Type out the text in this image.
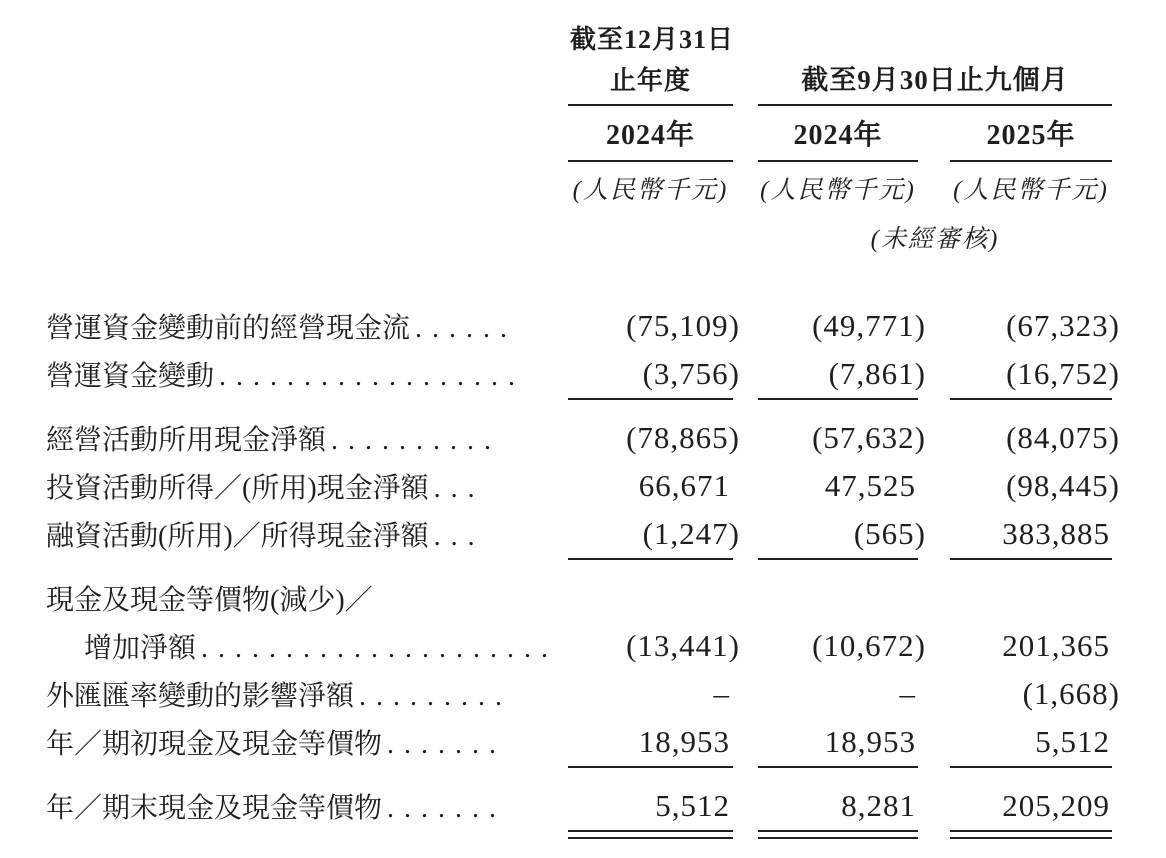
	截至12月31日		

	止年度	截至9月30日止九個月	

	2024年	2024年	2025年

	(人民幣千元)	(人民幣千元)	(人民幣千元)

		(未經審核)	

營運資金變動前的經營現金流 ......	(75,109)	(49,771)	(67,323)
營運資金變動 ..................	(3,756)	(7,861)	(16,752)

經營活動所用現金淨額 ..........	(78,865)	(57,632)	(84,075)
投資活動所得／(所用)現金淨額 ...	66,671	47,525	(98,445)
融資活動(所用)／所得現金淨額 ...	(1,247)	(565)	383,885

現金及現金等價物(減少)／			
增加淨額 .....................	(13,441)	(10,672)	201,365
外匯匯率變動的影響淨額 .........	–	–	(1,668)
年／期初現金及現金等價物 .......	18,953	18,953	5,512

年／期末現金及現金等價物 .......	5,512	8,281	205,209
